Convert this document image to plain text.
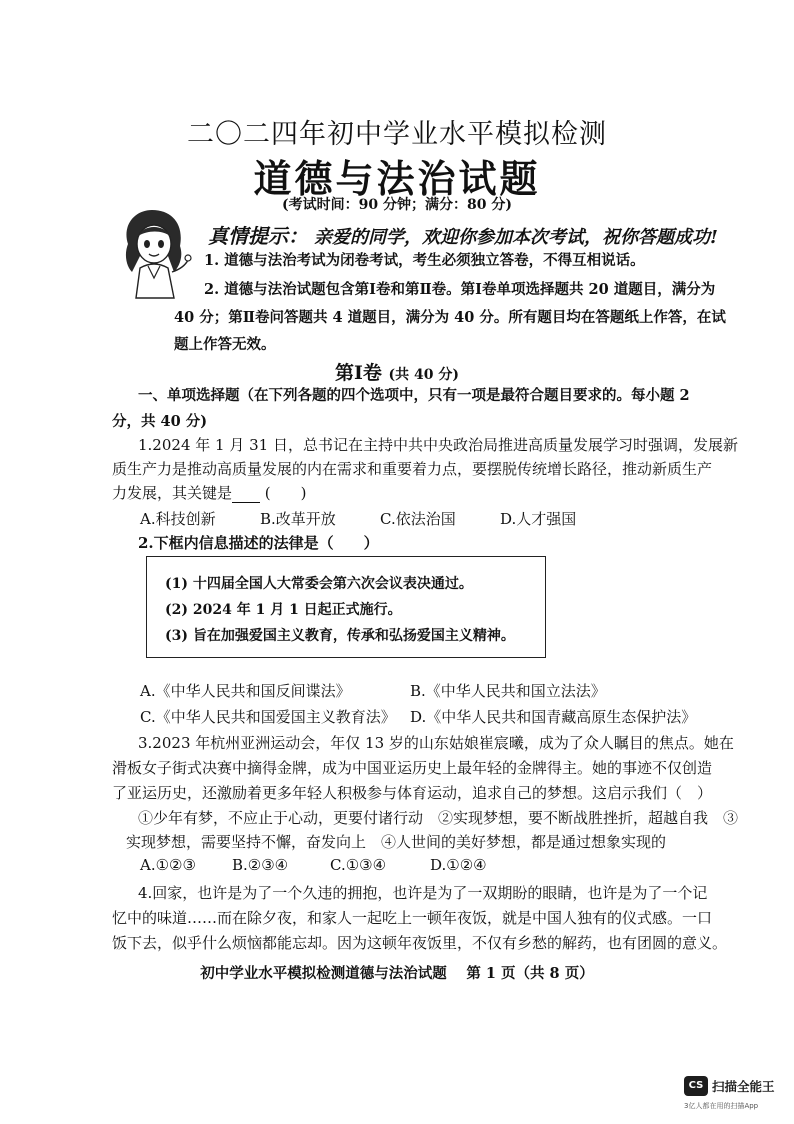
二〇二四年初中学业水平模拟检测
道德与法治试题
(考试时间：90 分钟；满分：80 分)
真情提示： 亲爱的同学，欢迎你参加本次考试，祝你答题成功!
1. 道德与法治考试为闭卷考试，考生必须独立答卷，不得互相说话。
2. 道德与法治试题包含第Ⅰ卷和第Ⅱ卷。第Ⅰ卷单项选择题共 20 道题目，满分为
40 分；第Ⅱ卷问答题共 4 道题目，满分为 40 分。所有题目均在答题纸上作答，在试
题上作答无效。
第Ⅰ卷 (共 40 分)
一、单项选择题（在下列各题的四个选项中，只有一项是最符合题目要求的。每小题 2
分，共 40 分)
1.2024 年 1 月 31 日，总书记在主持中共中央政治局推进高质量发展学习时强调，发展新
质生产力是推动高质量发展的内在需求和重要着力点，要摆脱传统增长路径，推动新质生产
力发展，其关键是 (　　)
A.科技创新	B.改革开放	C.依法治国	D.人才强国
2.下框内信息描述的法律是（　　）
(1) 十四届全国人大常委会第六次会议表决通过。
(2) 2024 年 1 月 1 日起正式施行。
(3) 旨在加强爱国主义教育，传承和弘扬爱国主义精神。
A.《中华人民共和国反间谍法》	B.《中华人民共和国立法法》
C.《中华人民共和国爱国主义教育法》 D.《中华人民共和国青藏高原生态保护法》
3.2023 年杭州亚洲运动会，年仅 13 岁的山东姑娘崔宸曦，成为了众人瞩目的焦点。她在
滑板女子街式决赛中摘得金牌，成为中国亚运历史上最年轻的金牌得主。她的事迹不仅创造
了亚运历史，还激励着更多年轻人积极参与体育运动，追求自己的梦想。这启示我们（　）
①少年有梦，不应止于心动，更要付诸行动　②实现梦想，要不断战胜挫折，超越自我　③
实现梦想，需要坚持不懈，奋发向上　④人世间的美好梦想，都是通过想象实现的
A.①②③ B.②③④	C.①③④	D.①②④
4.回家，也许是为了一个久违的拥抱，也许是为了一双期盼的眼睛，也许是为了一个记
忆中的味道……而在除夕夜，和家人一起吃上一顿年夜饭，就是中国人独有的仪式感。一口
饭下去，似乎什么烦恼都能忘却。因为这顿年夜饭里，不仅有乡愁的解药，也有团圆的意义。
初中学业水平模拟检测道德与法治试题　 第 1 页（共 8 页）
CS 扫描全能王
3亿人都在用的扫描App
